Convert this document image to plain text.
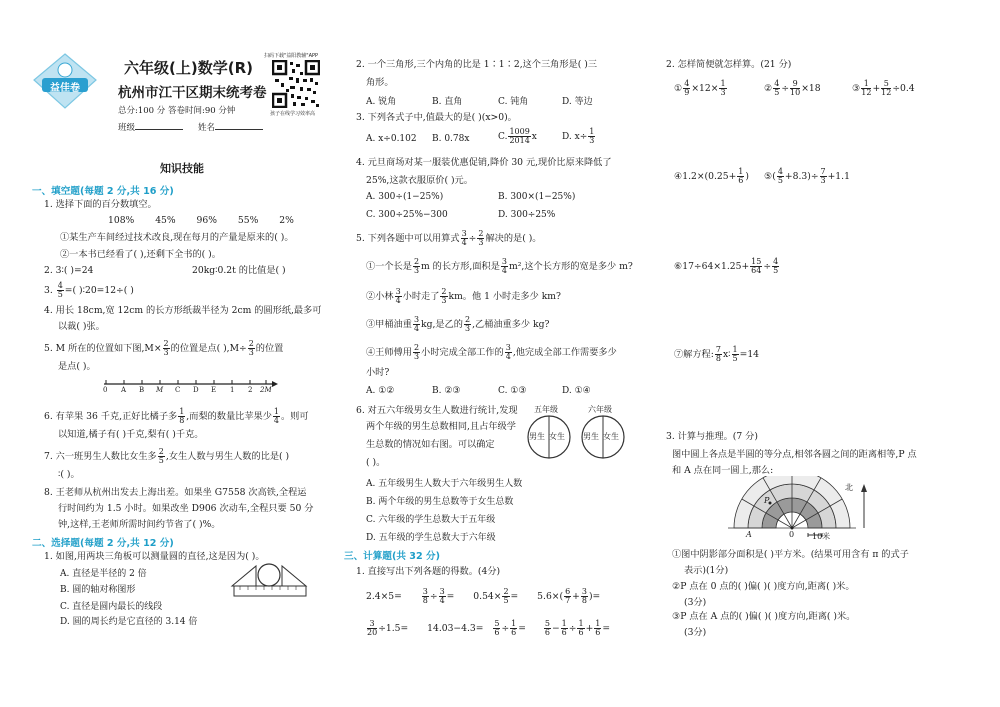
益佳卷
六年级(上)数学(R)
杭州市江干区期末统考卷
总分:100 分 答卷时间:90 分钟
班级	姓名
扫码下载"益阳教辅"APP
孩子在线学习效率高
知识技能
一、填空题(每题 2 分,共 16 分)
1. 选择下面的百分数填空。
108% 45% 96% 55% 2%
①某生产车间经过技术改良,现在每月的产量是原来的( )。
②一本书已经看了( ),还剩下全书的( )。
2. 3∶( )=24	20kg∶0.2t 的比值是( )
3. $\frac{4}{5}$ =( )∶20=12÷( )
4. 用长 18cm,宽 12cm 的长方形纸裁半径为 2cm 的圆形纸,最多可
以裁( )张。
5. M 所在的位置如下图$,M\times \frac{2}{3}$ 的位置是点( )$,M\div \frac{2}{3}$ 的位置
是点( )。
0 A B M C D E 1 2 2M
6. 有苹果 36 千克,正好比橘子多 $\frac{1}{8}$ ,而梨的数量比苹果少 $\frac{1}{4}$ 。则可
以知道,橘子有( )千克,梨有( )千克。
7. 六一班男生人数比女生多 $\frac{2}{5}$ ,女生人数与男生人数的比是( )
∶( )。
8. 王老师从杭州出发去上海出差。如果坐 G7558 次高铁,全程运
行时间约为 1.5 小时。如果改坐 D906 次动车,全程只要 50 分
钟,这样,王老师所需时间约节省了( )%。
二、选择题(每题 2 分,共 12 分)
1. 如图,用两块三角板可以测量圆的直径,这是因为( )。
A. 直径是半径的 2 倍
B. 圆的轴对称图形
C. 直径是圆内最长的线段
D. 圆的周长约是它直径的 3.14 倍
2. 一个三角形,三个内角的比是 1∶1∶2,这个三角形是( )三
角形。
A. 锐角	B. 直角	C. 钝角	D. 等边
3. 下列各式子中,值最大的是( )(x>0)。
A. x÷0.102 B. 0.78x	C. $\frac{1009}{2014}$ x	D. $x\div \frac{1}{3}$
4. 元旦商场对某一服装优惠促销,降价 30 元,现价比原来降低了
25%,这款衣服原价( )元。
A. 300÷(1−25%)	B. 300×(1−25%)
C. 300÷25%−300	D. 300÷25%
5. 下列各题中可以用算式 $\frac{3}{4} \div \frac{2}{3}$ 解决的是( )。
①一个长是 $\frac{2}{3}$ m 的长方形,面积是 $\frac{3}{4} m^2$,这个长方形的宽是多少 m?
②小林 $\frac{3}{4}$ 小时走了 $\frac{2}{3}$ km。他 1 小时走多少 km?
③甲桶油重 $\frac{3}{4}$ kg,是乙的 $\frac{2}{3}$ ,乙桶油重多少 kg?
④王师傅用 $\frac{2}{3}$ 小时完成全部工作的 $\frac{3}{4}$ ,他完成全部工作需要多少
小时?
A. ①②	B. ②③	C. ①③	D. ①④
6. 对五六年级男女生人数进行统计,发现
两个年级的男生总数相同,且占年级学
生总数的情况如右图。可以确定
( )。
五年级	六年级
男生 女生 男生 女生
A. 五年级男生人数大于六年级男生人数
B. 两个年级的男生总数等于女生总数
C. 六年级的学生总数大于五年级
D. 五年级的学生总数大于六年级
三、计算题(共 32 分)
1. 直接写出下列各题的得数。(4分)
$2.4\times 5= \frac{3}{8} \div \frac{3}{4} = 0.54\times \frac{2}{5} = 5.6\times( \frac{6}{7} + \frac{3}{8}$ )=
$\frac{3}{20} \div 1.5= 14.03-4.3= \frac{5}{6} \div \frac{1}{6} = \frac{5}{6} - \frac{1}{6} \div \frac{1}{6} + \frac{1}{6}$ =
2. 怎样简便就怎样算。(21 分)
① $\frac{4}{9} \times 12\times \frac{1}{3}$	② $\frac{4}{5} \div \frac{9}{10} \times 18$	③ $\frac{1}{12} + \frac{5}{12} \div 0.4$
④1.2×(0.25+ $\frac{1}{6}$ ) ⑤( $\frac{4}{5} +8.3)\div \frac{7}{3} +1.1$
⑥17÷64×1.25+ $\frac{15}{64} \div \frac{4}{5}$
⑦解方程: $\frac{7}{8}$ x∶ $\frac{1}{5} =14$
3. 计算与推理。(7 分)
图中圆上各点是半圆的等分点,相邻各圆之间的距离相等,P 点
和 A 点在同一圆上,那么:
北
A	0
P
10米
①图中阴影部分面积是( )平方米。(结果可用含有 π 的式子
表示)(1分)
②P 点在 0 点的( )偏( )( )度方向,距离( )米。
(3分)
③P 点在 A 点的( )偏( )( )度方向,距离( )米。
(3分)
